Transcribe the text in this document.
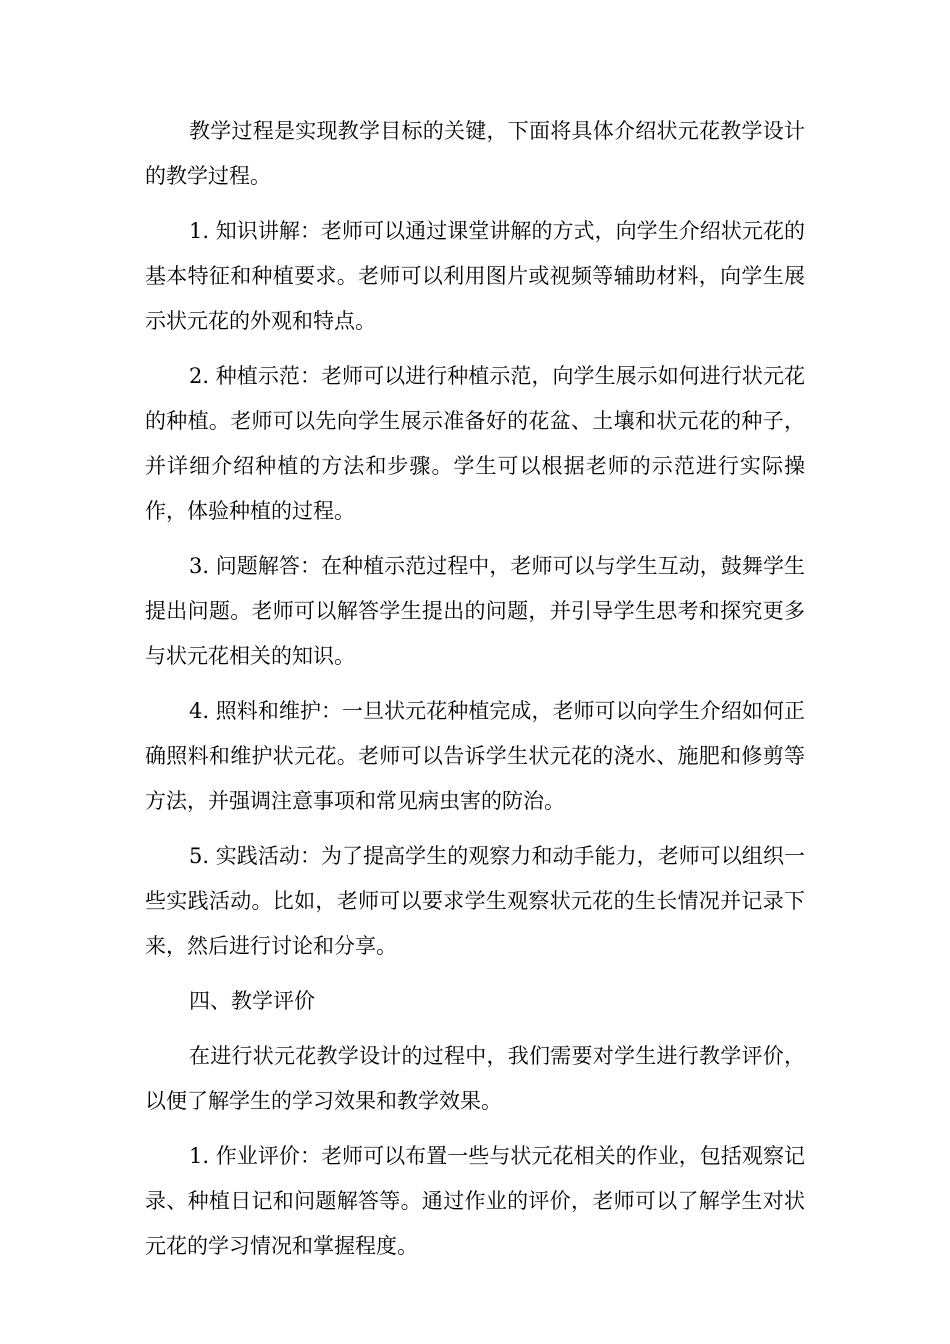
教学过程是实现教学目标的关键，下面将具体介绍状元花教学设计的教学过程。

1. 知识讲解：老师可以通过课堂讲解的方式，向学生介绍状元花的基本特征和种植要求。老师可以利用图片或视频等辅助材料，向学生展示状元花的外观和特点。

2. 种植示范：老师可以进行种植示范，向学生展示如何进行状元花的种植。老师可以先向学生展示准备好的花盆、土壤和状元花的种子，并详细介绍种植的方法和步骤。学生可以根据老师的示范进行实际操作，体验种植的过程。

3. 问题解答：在种植示范过程中，老师可以与学生互动，鼓舞学生提出问题。老师可以解答学生提出的问题，并引导学生思考和探究更多与状元花相关的知识。

4. 照料和维护：一旦状元花种植完成，老师可以向学生介绍如何正确照料和维护状元花。老师可以告诉学生状元花的浇水、施肥和修剪等方法，并强调注意事项和常见病虫害的防治。

5. 实践活动：为了提高学生的观察力和动手能力，老师可以组织一些实践活动。比如，老师可以要求学生观察状元花的生长情况并记录下来，然后进行讨论和分享。

四、教学评价

在进行状元花教学设计的过程中，我们需要对学生进行教学评价，以便了解学生的学习效果和教学效果。

1. 作业评价：老师可以布置一些与状元花相关的作业，包括观察记录、种植日记和问题解答等。通过作业的评价，老师可以了解学生对状元花的学习情况和掌握程度。
